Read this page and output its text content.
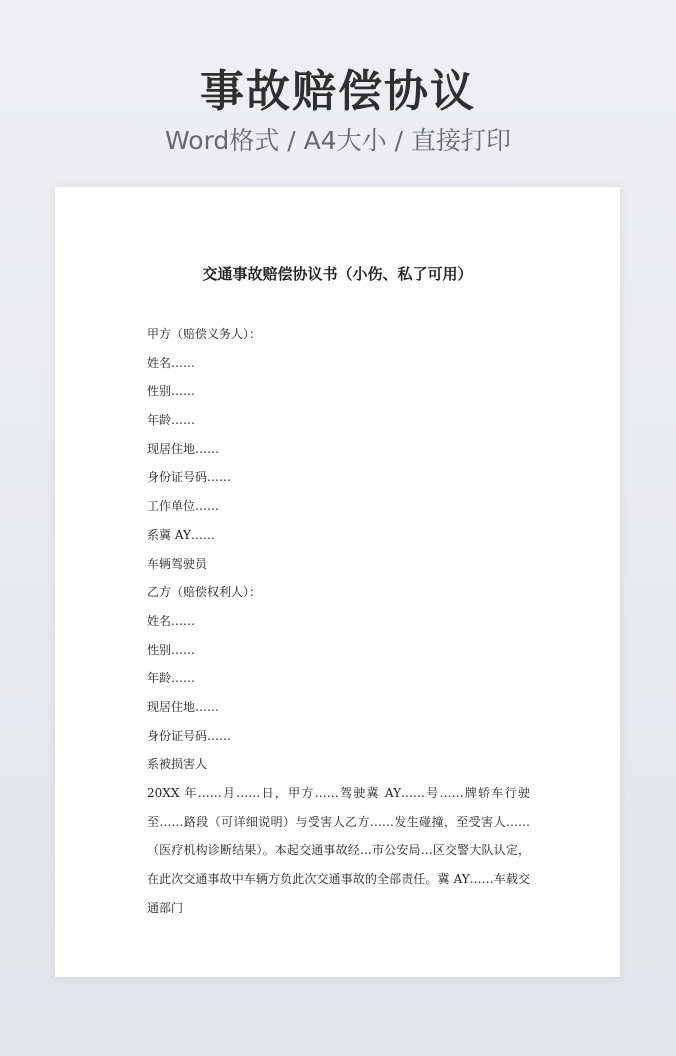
事故赔偿协议
Word格式 / A4大小 / 直接打印
交通事故赔偿协议书（小伤、私了可用）
甲方（赔偿义务人）：
姓名……
性别……
年龄……
现居住地……
身份证号码……
工作单位……
系冀 AY……
车辆驾驶员
乙方（赔偿权利人）：
姓名……
性别……
年龄……
现居住地……
身份证号码……
系被损害人
20XX 年……月……日，甲方……驾驶冀 AY……号……牌轿车行驶至……路段（可详细说明）与受害人乙方……发生碰撞，至受害人……（医疗机构诊断结果）。本起交通事故经…市公安局…区交警大队认定，在此次交通事故中车辆方负此次交通事故的全部责任。冀 AY……车载交通部门
